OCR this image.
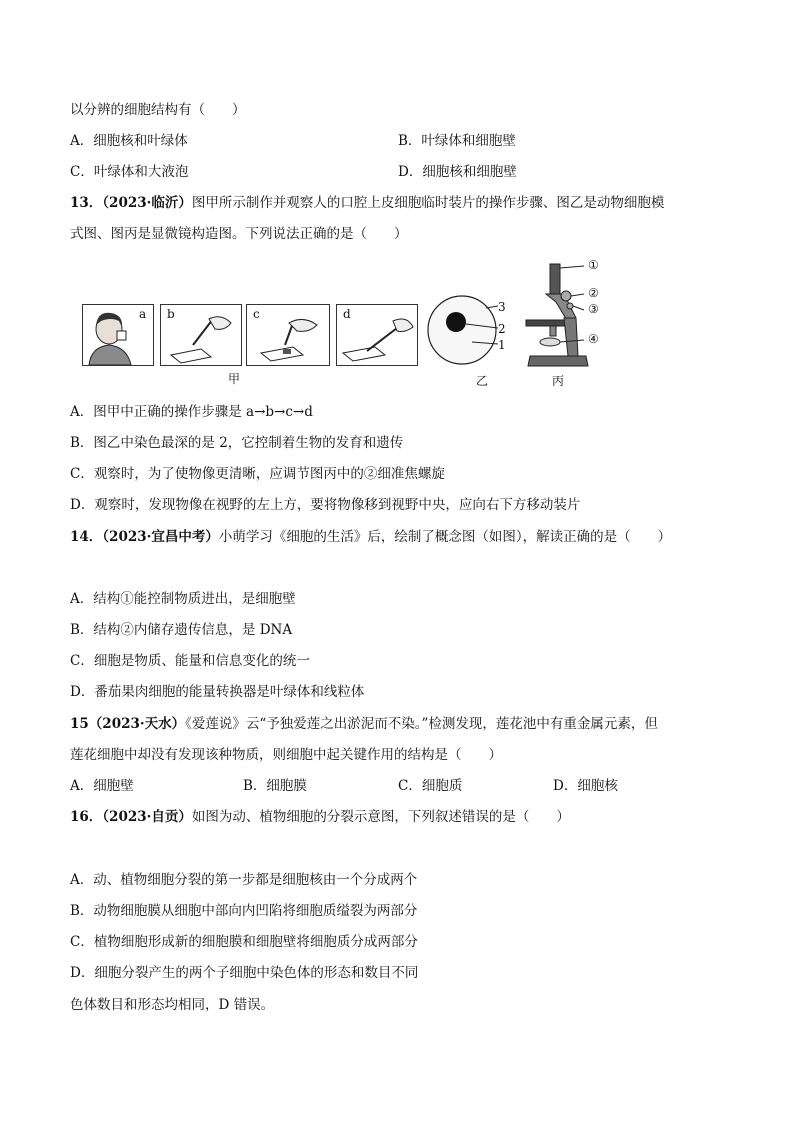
以分辨的细胞结构有（　　）
A．细胞核和叶绿体	B．叶绿体和细胞壁
C．叶绿体和大液泡	D．细胞核和细胞壁
13．（2023·临沂）图甲所示制作并观察人的口腔上皮细胞临时装片的操作步骤、图乙是动物细胞模
式图、图丙是显微镜构造图。下列说法正确的是（　　）
a b	c	d
甲
3
2
1
乙
①
②
③
④
丙
A．图甲中正确的操作步骤是 a→b→c→d
B．图乙中染色最深的是 2，它控制着生物的发育和遗传
C．观察时，为了使物像更清晰，应调节图丙中的②细准焦螺旋
D．观察时，发现物像在视野的左上方，要将物像移到视野中央，应向右下方移动装片
14．（2023·宜昌中考）小萌学习《细胞的生活》后，绘制了概念图（如图），解读正确的是（　　）
A．结构①能控制物质进出，是细胞壁
B．结构②内储存遗传信息，是 DNA
C．细胞是物质、能量和信息变化的统一
D．番茄果肉细胞的能量转换器是叶绿体和线粒体
15（2023·天水）《爱莲说》云“予独爱莲之出淤泥而不染。”检测发现，莲花池中有重金属元素，但
莲花细胞中却没有发现该种物质，则细胞中起关键作用的结构是（　　）
A．细胞壁	B．细胞膜	C．细胞质	D．细胞核
16．（2023·自贡）如图为动、植物细胞的分裂示意图，下列叙述错误的是（　　）
A．动、植物细胞分裂的第一步都是细胞核由一个分成两个
B．动物细胞膜从细胞中部向内凹陷将细胞质缢裂为两部分
C．植物细胞形成新的细胞膜和细胞壁将细胞质分成两部分
D．细胞分裂产生的两个子细胞中染色体的形态和数目不同
色体数目和形态均相同，D 错误。
